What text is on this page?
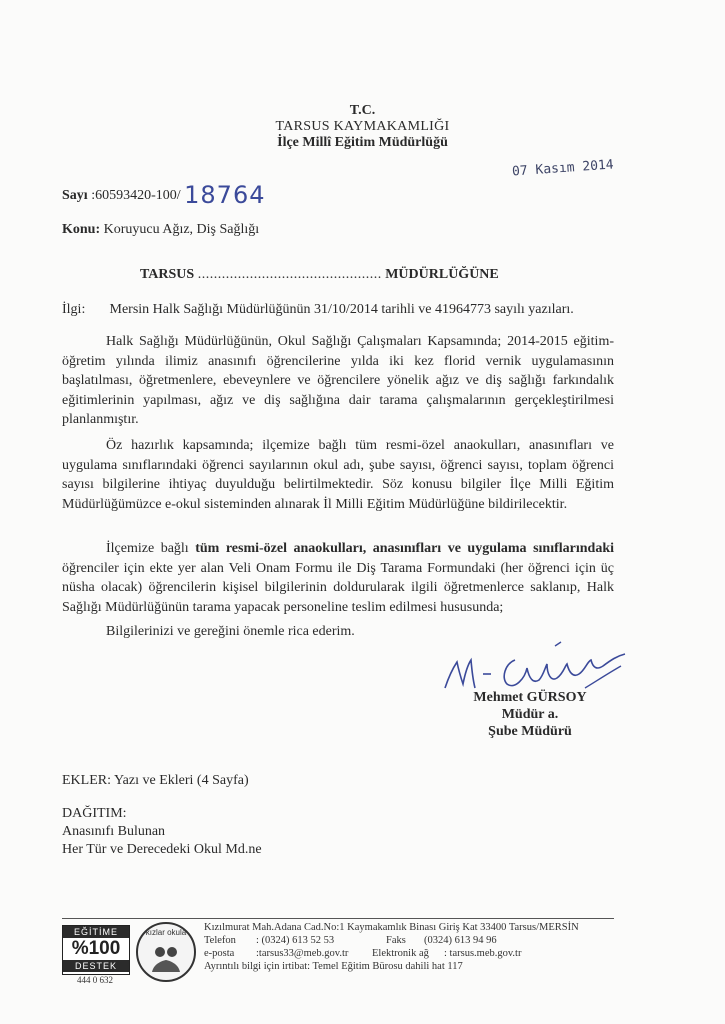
T.C.
TARSUS KAYMAKAMLIĞI
İlçe Millî Eğitim Müdürlüğü
07 Kasım 2014
Sayı :60593420-100/ 18764
Konu: Koruyucu Ağız, Diş Sağlığı
TARSUS .............................................. MÜDÜRLÜĞÜNE
İlgi: Mersin Halk Sağlığı Müdürlüğünün 31/10/2014 tarihli ve 41964773 sayılı yazıları.
Halk Sağlığı Müdürlüğünün, Okul Sağlığı Çalışmaları Kapsamında; 2014-2015 eğitim-öğretim yılında ilimiz anasınıfı öğrencilerine yılda iki kez florid vernik uygulamasının başlatılması, öğretmenlere, ebeveynlere ve öğrencilere yönelik ağız ve diş sağlığı farkındalık eğitimlerinin yapılması, ağız ve diş sağlığına dair tarama çalışmalarının gerçekleştirilmesi planlanmıştır.
Öz hazırlık kapsamında; ilçemize bağlı tüm resmi-özel anaokulları, anasınıfları ve uygulama sınıflarındaki öğrenci sayılarının okul adı, şube sayısı, öğrenci sayısı, toplam öğrenci sayısı bilgilerine ihtiyaç duyulduğu belirtilmektedir. Söz konusu bilgiler İlçe Milli Eğitim Müdürlüğümüzce e-okul sisteminden alınarak İl Milli Eğitim Müdürlüğüne bildirilecektir.
İlçemize bağlı tüm resmi-özel anaokulları, anasınıfları ve uygulama sınıflarındaki öğrenciler için ekte yer alan Veli Onam Formu ile Diş Tarama Formundaki (her öğrenci için üç nüsha olacak) öğrencilerin kişisel bilgilerinin doldurularak ilgili öğretmenlerce saklanıp, Halk Sağlığı Müdürlüğünün tarama yapacak personeline teslim edilmesi hususunda;
Bilgilerinizi ve gereğini önemle rica ederim.
Mehmet GÜRSOY
Müdür a.
Şube Müdürü
EKLER: Yazı ve Ekleri (4 Sayfa)
DAĞITIM:
Anasınıfı Bulunan
Her Tür ve Derecedeki Okul Md.ne
EĞİTİME
%100
DESTEK
444 0 632
kızlar okula	Kızılmurat Mah.Adana Cad.No:1 Kaymakamlık Binası Giriş Kat 33400 Tarsus/MERSİN
Telefon : (0324) 613 52 53	Faks (0324) 613 94 96
e-posta :tarsus33@meb.gov.tr Elektronik ağ : tarsus.meb.gov.tr
Ayrıntılı bilgi için irtibat: Temel Eğitim Bürosu dahili hat 117
